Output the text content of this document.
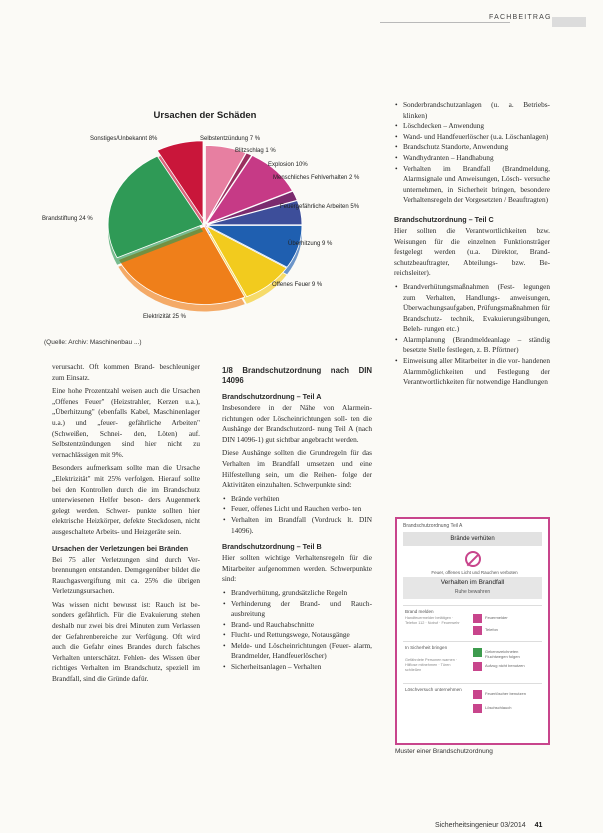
FACHBEITRAG
Ursachen der Schäden
Sonstiges/Unbekannt 8%	Selbstentzündung 7 %
Blitzschlag 1 %
Explosion 10%
Menschliches Fehlverhalten 2 %
Feuergefährliche Arbeiten 5%
Überhitzung 9 %
Offenes Feuer 9 %
Elektrizität 25 %
Brandstiftung 24 %
(Quelle: Archiv: Maschinenbau ...)

verursacht. Oft kommen Brand- beschleuniger zum Einsatz.

Eine hohe Prozentzahl weisen auch die Ursachen „Offenes Feuer" (Heizstrahler, Kerzen u.a.), „Überhitzung" (ebenfalls Kabel, Maschinenlager u.a.) und „feuer- gefährliche Arbeiten" (Schweißen, Schnei- den, Löten) auf. Selbstentzündungen sind hier nicht zu vernachlässigen mit 9%.

Besonders aufmerksam sollte man die Ursache „Elektrizität" mit 25% verfolgen. Hierauf sollte bei den Kontrollen durch die im Brandschutz unterwiesenen Helfer beson- ders Augenmerk gelegt werden. Schwer- punkte sollten hier elektrische Heizkörper, defekte Steckdosen, nicht ausgeschaltete Arbeits- und Heizgeräte sein.

Ursachen der Verletzungen bei Bränden

Bei 75 aller Verletzungen sind durch Ver- brennungen entstanden. Demgegenüber bildet die Rauchgasvergiftung mit ca. 25% die übrigen Verletzungsursachen.

Was wissen nicht bewusst ist: Rauch ist be- sonders gefährlich. Für die Evakuierung stehen deshalb nur zwei bis drei Minuten zum Verlassen der Gefahrenbereiche zur Verfügung. Oft wird auch die Gefahr eines Brandes durch falsches Verhalten unterschätzt. Fehlen- des Wissen über richtiges Verhalten im Brandschutz, speziell im Brandfall, sind die Gründe dafür.

1/8 Brandschutzordnung nach DIN 14096
Brandschutzordnung – Teil A

Insbesondere in der Nähe von Alarmein- richtungen oder Löscheinrichtungen soll- ten die Aushänge der Brandschutzord- nung Teil A (nach DIN 14096-1) gut sichtbar angebracht werden.

Diese Aushänge sollten die Grundregeln für das Verhalten im Brandfall umsetzen und eine Hilfestellung sein, um die Reihen- folge der Aktivitäten einzuhalten. Schwerpunkte sind:

• Brände verhüten
• Feuer, offenes Licht und Rauchen verbo- ten
• Verhalten im Brandfall (Vordruck lt. DIN 14096).
Brandschutzordnung – Teil B

Hier sollten wichtige Verhaltensregeln für die Mitarbeiter aufgenommen werden. Schwerpunkte sind:

• Brandverhütung, grundsätzliche Regeln
• Verhinderung der Brand- und Rauch- ausbreitung
• Brand- und Rauchabschnitte
• Flucht- und Rettungswege, Notausgänge
• Melde- und Löscheinrichtungen (Feuer- alarm, Brandmelder, Handfeuerlöscher)
• Sicherheitsanlagen – Verhalten
• Sonderbrandschutzanlagen (u. a. Betriebs- klinken)
• Löschdecken – Anwendung
• Wand- und Handfeuerlöscher (u.a. Löschanlagen)
• Brandschutz Standorte, Anwendung
• Wandhydranten – Handhabung
• Verhalten im Brandfall (Brandmeldung, Alarmsignale und Anweisungen, Lösch- versuche unternehmen, in Sicherheit bringen, besondere Verhaltensregeln der Vorgesetzten / Beauftragten)
Brandschutzordnung – Teil C

Hier sollten die Verantwortlichkeiten bzw. Weisungen für die einzelnen Funktionsträger festgelegt werden (u.a. Direktor, Brand- schutzbeauftragter, Abteilungs- bzw. Be- reichsleiter).

• Brandverhütungsmaßnahmen (Fest- legungen zum Verhalten, Handlungs- anweisungen, Überwachungsaufgaben, Prüfungsmaßnahmen für Brandschutz- technik, Evakuierungsübungen, Beleh- rungen etc.)
• Alarmplanung (Brandmeldeanlage – ständig besetzte Stelle festlegen, z. B. Pförtner)
• Einweisung aller Mitarbeiter in die vor- handenen Alarmmöglichkeiten und Festlegung der Verantwortlichkeiten für notwendige Handlungen
Brandschutzordnung Teil A
Brände verhüten
Feuer, offenes Licht und Rauchen verboten
Verhalten im Brandfall
Ruhe bewahren
Brand melden
Handfeuermelder betätigen · Telefon 112 · Notruf · Feuerwehr
Feuermelder
Telefon
In Sicherheit bringen
Gefährdete Personen warnen · Hilflose mitnehmen · Türen schließen
Gekennzeichneten Fluchtwegen folgen
Aufzug nicht benutzen
Löschversuch unternehmen
Feuerlöscher benutzen
Löschschlauch
Muster einer Brandschutzordnung
Sicherheitsingenieur 03/2014 41
